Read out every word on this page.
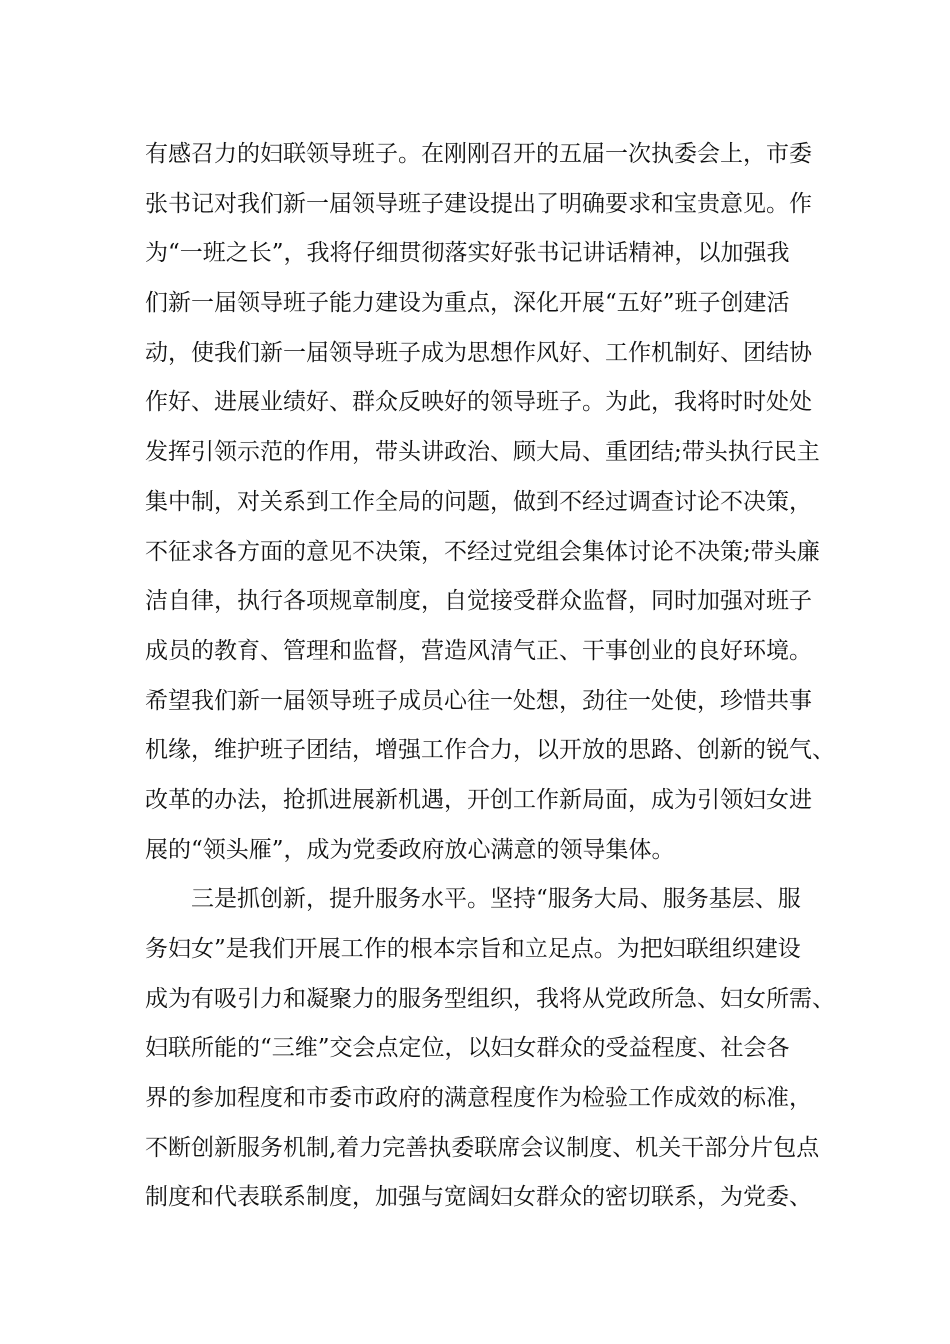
有感召力的妇联领导班子。在刚刚召开的五届一次执委会上，市委
张书记对我们新一届领导班子建设提出了明确要求和宝贵意见。作
为“一班之长”，我将仔细贯彻落实好张书记讲话精神，以加强我
们新一届领导班子能力建设为重点，深化开展“五好”班子创建活
动，使我们新一届领导班子成为思想作风好、工作机制好、团结协
作好、进展业绩好、群众反映好的领导班子。为此，我将时时处处
发挥引领示范的作用，带头讲政治、顾大局、重团结;带头执行民主
集中制，对关系到工作全局的问题，做到不经过调查讨论不决策，
不征求各方面的意见不决策，不经过党组会集体讨论不决策;带头廉
洁自律，执行各项规章制度，自觉接受群众监督，同时加强对班子
成员的教育、管理和监督，营造风清气正、干事创业的良好环境。
希望我们新一届领导班子成员心往一处想，劲往一处使，珍惜共事
机缘，维护班子团结，增强工作合力，以开放的思路、创新的锐气、
改革的办法，抢抓进展新机遇，开创工作新局面，成为引领妇女进
展的“领头雁”，成为党委政府放心满意的领导集体。
三是抓创新，提升服务水平。坚持“服务大局、服务基层、服
务妇女”是我们开展工作的根本宗旨和立足点。为把妇联组织建设
成为有吸引力和凝聚力的服务型组织，我将从党政所急、妇女所需、
妇联所能的“三维”交会点定位，以妇女群众的受益程度、社会各
界的参加程度和市委市政府的满意程度作为检验工作成效的标准，
不断创新服务机制,着力完善执委联席会议制度、机关干部分片包点
制度和代表联系制度，加强与宽阔妇女群众的密切联系，为党委、
